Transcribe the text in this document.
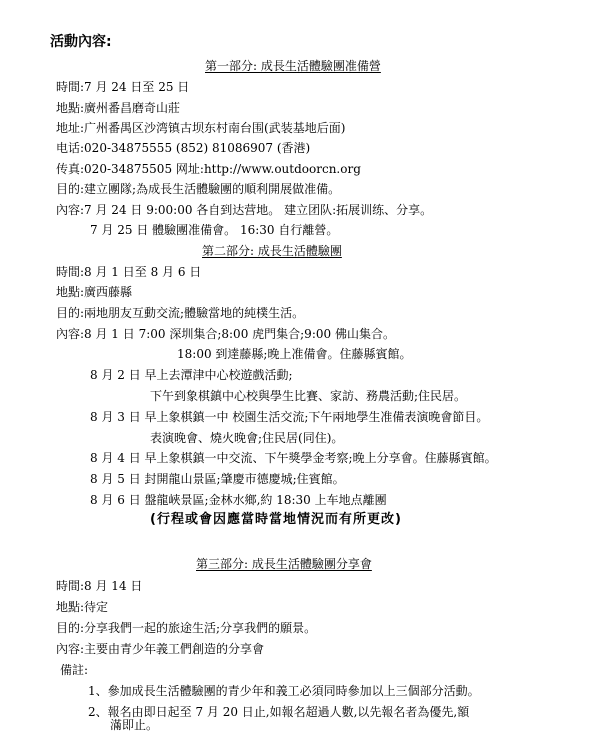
活動內容:
第一部分: 成長生活體驗團准備營
時間:7 月 24 日至 25 日
地點:廣州番昌磨奇山莊
地址:广州番禺区沙湾镇古坝东村南台围(武装基地后面)
电话:020-34875555 (852) 81086907 (香港)
传真:020-34875505 网址:http://www.outdoorcn.org
目的:建立團隊;為成長生活體驗團的順利開展做准備。
內容:7 月 24 日 9:00:00 各自到达营地。 建立团队:拓展训练、分享。
7 月 25 日 體驗團准備會。 16:30 自行離營。
第二部分: 成長生活體驗團
時間:8 月 1 日至 8 月 6 日
地點:廣西藤縣
目的:兩地朋友互動交流;體驗當地的純樸生活。
內容:8 月 1 日 7:00 深圳集合;8:00 虎門集合;9:00 佛山集合。
18:00 到達藤縣;晚上准備會。住藤縣賓館。
8 月 2 日 早上去潭津中心校遊戲活動;
下午到象棋鎮中心校與學生比賽、家訪、務農活動;住民居。
8 月 3 日 早上象棋鎮一中 校園生活交流;下午兩地學生准備表演晚會節目。
表演晚會、燒火晚會;住民居(同住)。
8 月 4 日 早上象棋鎮一中交流、下午獎學金考察;晚上分享會。住藤縣賓館。
8 月 5 日 封開龍山景區;肇慶市德慶城;住賓館。
8 月 6 日 盤龍峽景區;金林水鄉,約 18:30 上车地点離團
(行程或會因應當時當地情況而有所更改)
第三部分: 成長生活體驗團分享會
時間:8 月 14 日
地點:待定
目的:分享我們一起的旅途生活;分享我們的願景。
內容:主要由青少年義工們創造的分享會
備註:
1、參加成長生活體驗團的青少年和義工必須同時參加以上三個部分活動。
2、報名由即日起至 7 月 20 日止,如報名超過人數,以先報名者為優先,額
滿即止。
